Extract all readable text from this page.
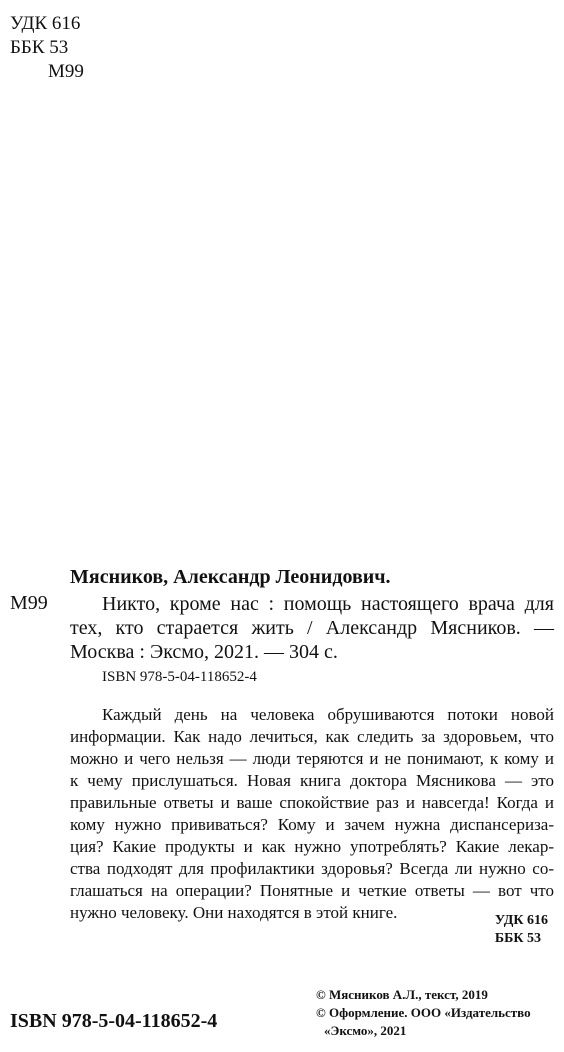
УДК 616
ББК 53
М99
Мясников, Александр Леонидович.
М99	Никто, кроме нас : помощь настоящего врача для
тех, кто старается жить / Александр Мясников. —
Москва : Эксмо, 2021. — 304 с.
ISBN 978-5-04-118652-4
Каждый день на человека обрушиваются потоки новой
информации. Как надо лечиться, как следить за здоровьем, что
можно и чего нельзя — люди теряются и не понимают, к кому и
к чему прислушаться. Новая книга доктора Мясникова — это
правильные ответы и ваше спокойствие раз и навсегда! Когда и
кому нужно прививаться? Кому и зачем нужна диспансериза-
ция? Какие продукты и как нужно употреблять? Какие лекар-
ства подходят для профилактики здоровья? Всегда ли нужно со-
глашаться на операции? Понятные и четкие ответы — вот что
нужно человеку. Они находятся в этой книге.	УДК 616
ББК 53
© Мясников А.Л., текст, 2019
© Оформление. ООО «Издательство
«Эксмо», 2021
ISBN 978-5-04-118652-4
